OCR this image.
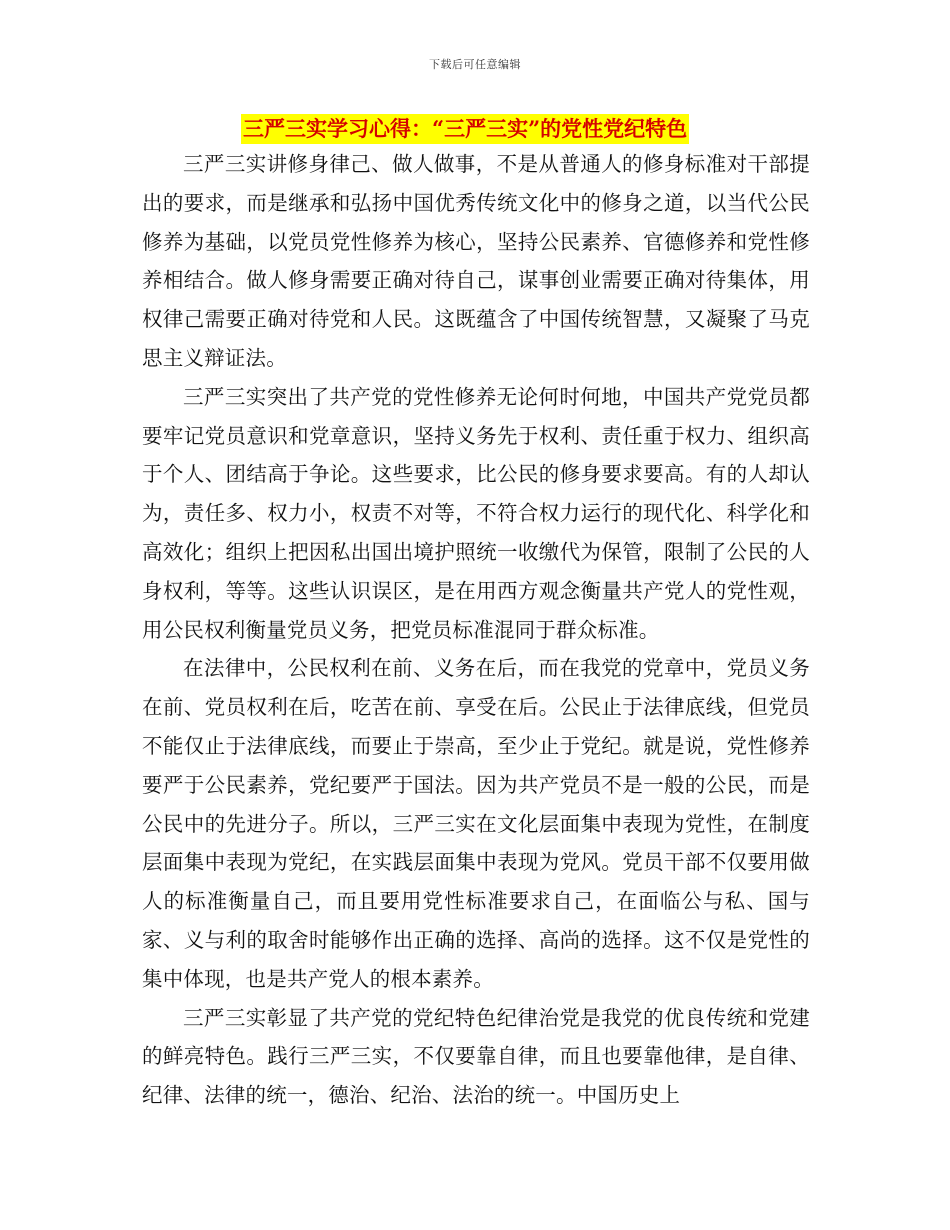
下载后可任意编辑
三严三实学习心得：“三严三实”的党性党纪特色

三严三实讲修身律己、做人做事，不是从普通人的修身标准对干部提出的要求，而是继承和弘扬中国优秀传统文化中的修身之道，以当代公民修养为基础，以党员党性修养为核心，坚持公民素养、官德修养和党性修养相结合。做人修身需要正确对待自己，谋事创业需要正确对待集体，用权律己需要正确对待党和人民。这既蕴含了中国传统智慧，又凝聚了马克思主义辩证法。

三严三实突出了共产党的党性修养无论何时何地，中国共产党党员都要牢记党员意识和党章意识，坚持义务先于权利、责任重于权力、组织高于个人、团结高于争论。这些要求，比公民的修身要求要高。有的人却认为，责任多、权力小，权责不对等，不符合权力运行的现代化、科学化和高效化；组织上把因私出国出境护照统一收缴代为保管，限制了公民的人身权利，等等。这些认识误区，是在用西方观念衡量共产党人的党性观，用公民权利衡量党员义务，把党员标准混同于群众标准。

在法律中，公民权利在前、义务在后，而在我党的党章中，党员义务在前、党员权利在后，吃苦在前、享受在后。公民止于法律底线，但党员不能仅止于法律底线，而要止于崇高，至少止于党纪。就是说，党性修养要严于公民素养，党纪要严于国法。因为共产党员不是一般的公民，而是公民中的先进分子。所以，三严三实在文化层面集中表现为党性，在制度层面集中表现为党纪，在实践层面集中表现为党风。党员干部不仅要用做人的标准衡量自己，而且要用党性标准要求自己，在面临公与私、国与家、义与利的取舍时能够作出正确的选择、高尚的选择。这不仅是党性的集中体现，也是共产党人的根本素养。

三严三实彰显了共产党的党纪特色纪律治党是我党的优良传统和党建的鲜亮特色。践行三严三实，不仅要靠自律，而且也要靠他律，是自律、纪律、法律的统一，德治、纪治、法治的统一。中国历史上
